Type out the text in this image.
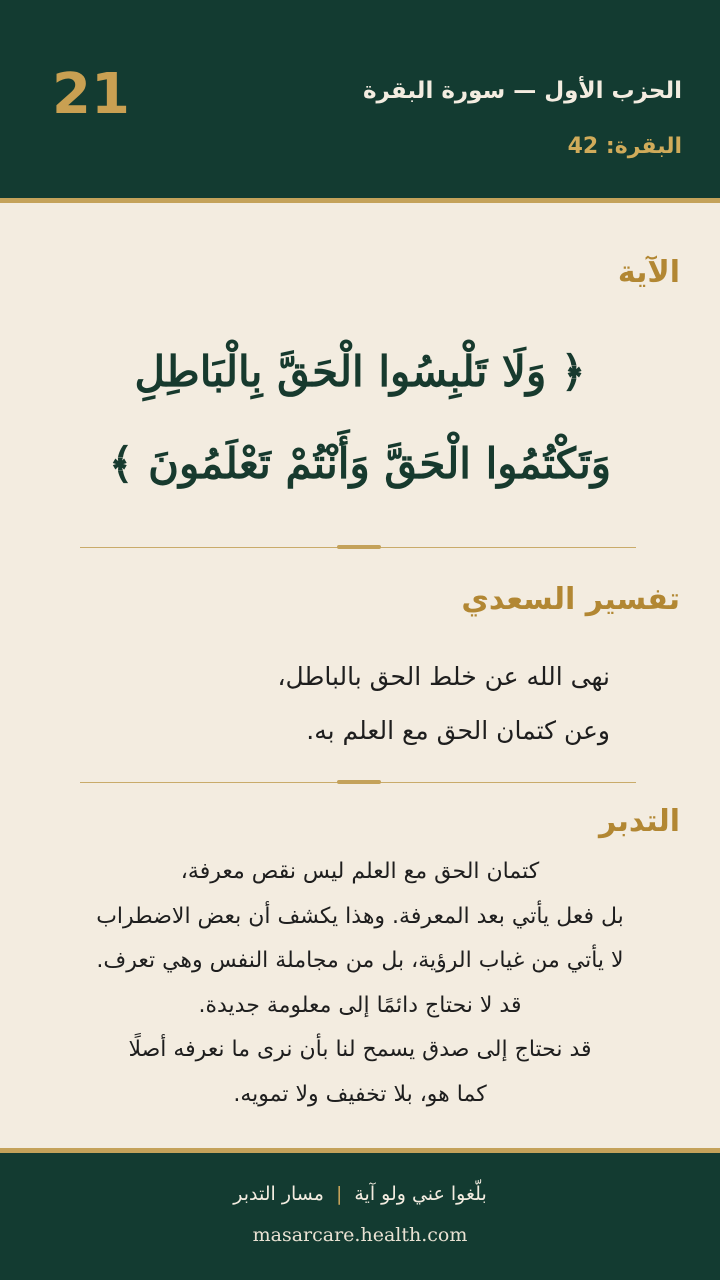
الحزب الأول — سورة البقرة
البقرة: 42
21
الآية
﴿ وَلَا تَلْبِسُوا الْحَقَّ بِالْبَاطِلِ
وَتَكْتُمُوا الْحَقَّ وَأَنْتُمْ تَعْلَمُونَ ﴾
تفسير السعدي
نهى الله عن خلط الحق بالباطل،
وعن كتمان الحق مع العلم به.
التدبر
كتمان الحق مع العلم ليس نقص معرفة،
بل فعل يأتي بعد المعرفة. وهذا يكشف أن بعض الاضطراب
لا يأتي من غياب الرؤية، بل من مجاملة النفس وهي تعرف.
قد لا نحتاج دائمًا إلى معلومة جديدة.
قد نحتاج إلى صدق يسمح لنا بأن نرى ما نعرفه أصلًا
كما هو، بلا تخفيف ولا تمويه.
بلّغوا عني ولو آية|مسار التدبر
masarcare.health.com
